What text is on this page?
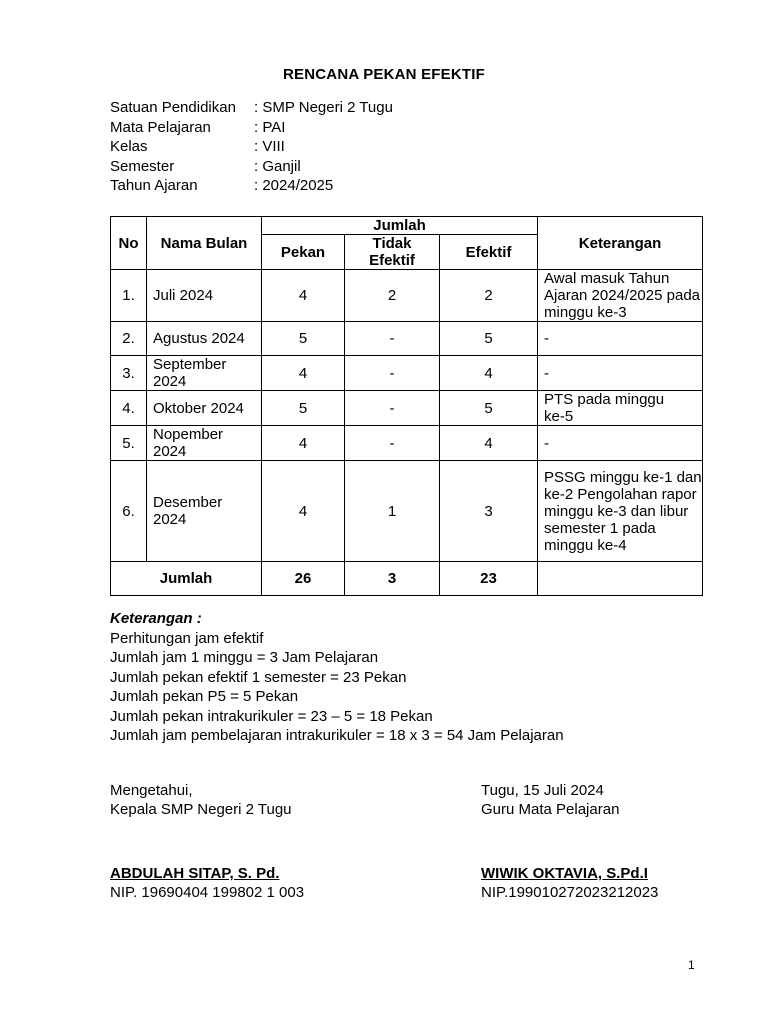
RENCANA PEKAN EFEKTIF
Satuan Pendidikan	: SMP Negeri 2 Tugu
Mata Pelajaran	: PAI
Kelas	: VIII
Semester	: Ganjil
Tahun Ajaran	: 2024/2025
No	Nama Bulan	Jumlah			Keterangan
		Pekan	Tidak Efektif	Efektif	
1.	Juli 2024	4	2	2	Awal masuk Tahun Ajaran 2024/2025 pada minggu ke-3
2.	Agustus 2024	5	-	5	-
3.	September 2024	4	-	4	-
4.	Oktober 2024	5	-	5	PTS pada minggu ke-5

5.	Nopember 2024	4	-	4	-
6.	Desember 2024	4	1	3	PSSG minggu ke-1 dan ke-2 Pengolahan rapor minggu ke-3 dan libur semester 1 pada minggu ke-4
Jumlah		26	3	23	
Keterangan :
Perhitungan jam efektif
Jumlah jam 1 minggu = 3 Jam Pelajaran
Jumlah pekan efektif 1 semester = 23 Pekan
Jumlah pekan P5 = 5 Pekan
Jumlah pekan intrakurikuler = 23 – 5 = 18 Pekan
Jumlah jam pembelajaran intrakurikuler = 18 x 3 = 54 Jam Pelajaran
Mengetahui,
Kepala SMP Negeri 2 Tugu
Tugu, 15 Juli 2024
Guru Mata Pelajaran
ABDULAH SITAP, S. Pd.
NIP. 19690404 199802 1 003
WIWIK OKTAVIA, S.Pd.I
NIP.199010272023212023
1
